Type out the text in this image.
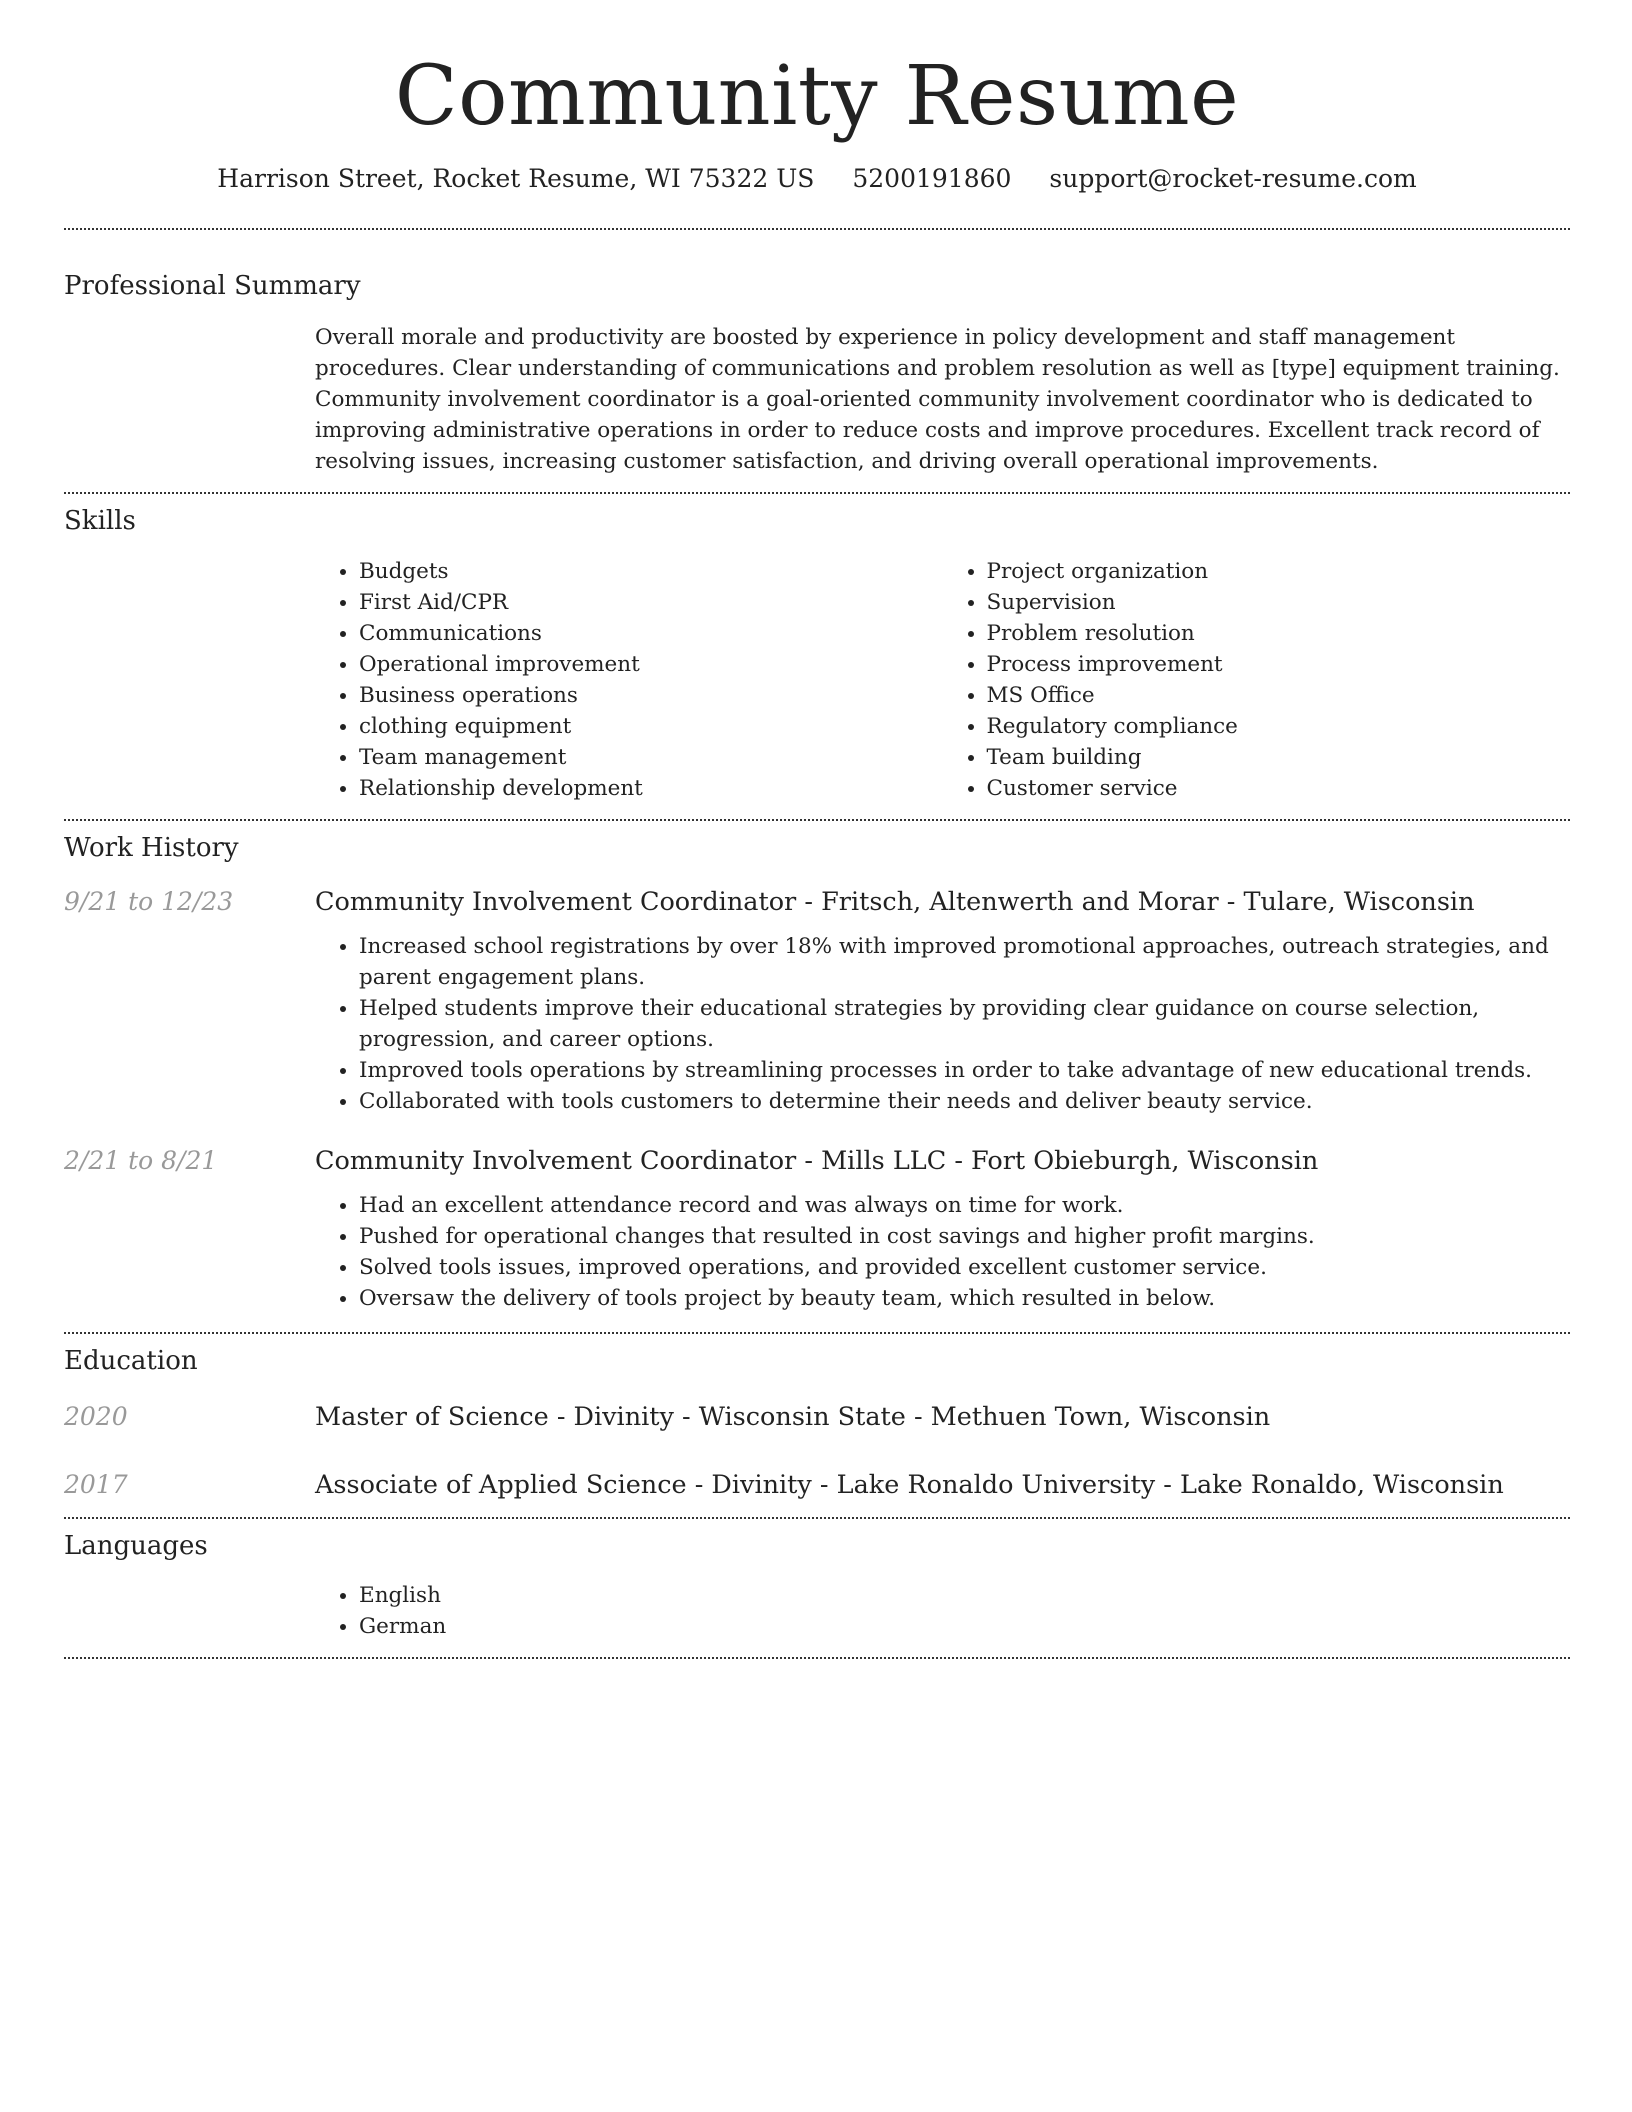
Community Resume
Harrison Street, Rocket Resume, WI 75322 US 5200191860 support@rocket-resume.com
Professional Summary
Overall morale and productivity are boosted by experience in policy development and staff management procedures. Clear understanding of communications and problem resolution as well as [type] equipment training. Community involvement coordinator is a goal-oriented community involvement coordinator who is dedicated to improving administrative operations in order to reduce costs and improve procedures. Excellent track record of resolving issues, increasing customer satisfaction, and driving overall operational improvements.
Skills
• Budgets
• First Aid/CPR
• Communications
• Operational improvement
• Business operations
• clothing equipment
• Team management
• Relationship development
• Project organization
• Supervision
• Problem resolution
• Process improvement
• MS Office
• Regulatory compliance
• Team building
• Customer service
Work History
9/21 to 12/23	Community Involvement Coordinator - Fritsch, Altenwerth and Morar - Tulare, Wisconsin
• Increased school registrations by over 18% with improved promotional approaches, outreach strategies, and parent engagement plans.
• Helped students improve their educational strategies by providing clear guidance on course selection, progression, and career options.
• Improved tools operations by streamlining processes in order to take advantage of new educational trends.
• Collaborated with tools customers to determine their needs and deliver beauty service.
2/21 to 8/21	Community Involvement Coordinator - Mills LLC - Fort Obieburgh, Wisconsin
• Had an excellent attendance record and was always on time for work.
• Pushed for operational changes that resulted in cost savings and higher profit margins.
• Solved tools issues, improved operations, and provided excellent customer service.
• Oversaw the delivery of tools project by beauty team, which resulted in below.
Education
2020	Master of Science - Divinity - Wisconsin State - Methuen Town, Wisconsin
2017	Associate of Applied Science - Divinity - Lake Ronaldo University - Lake Ronaldo, Wisconsin
Languages
• English
• German
